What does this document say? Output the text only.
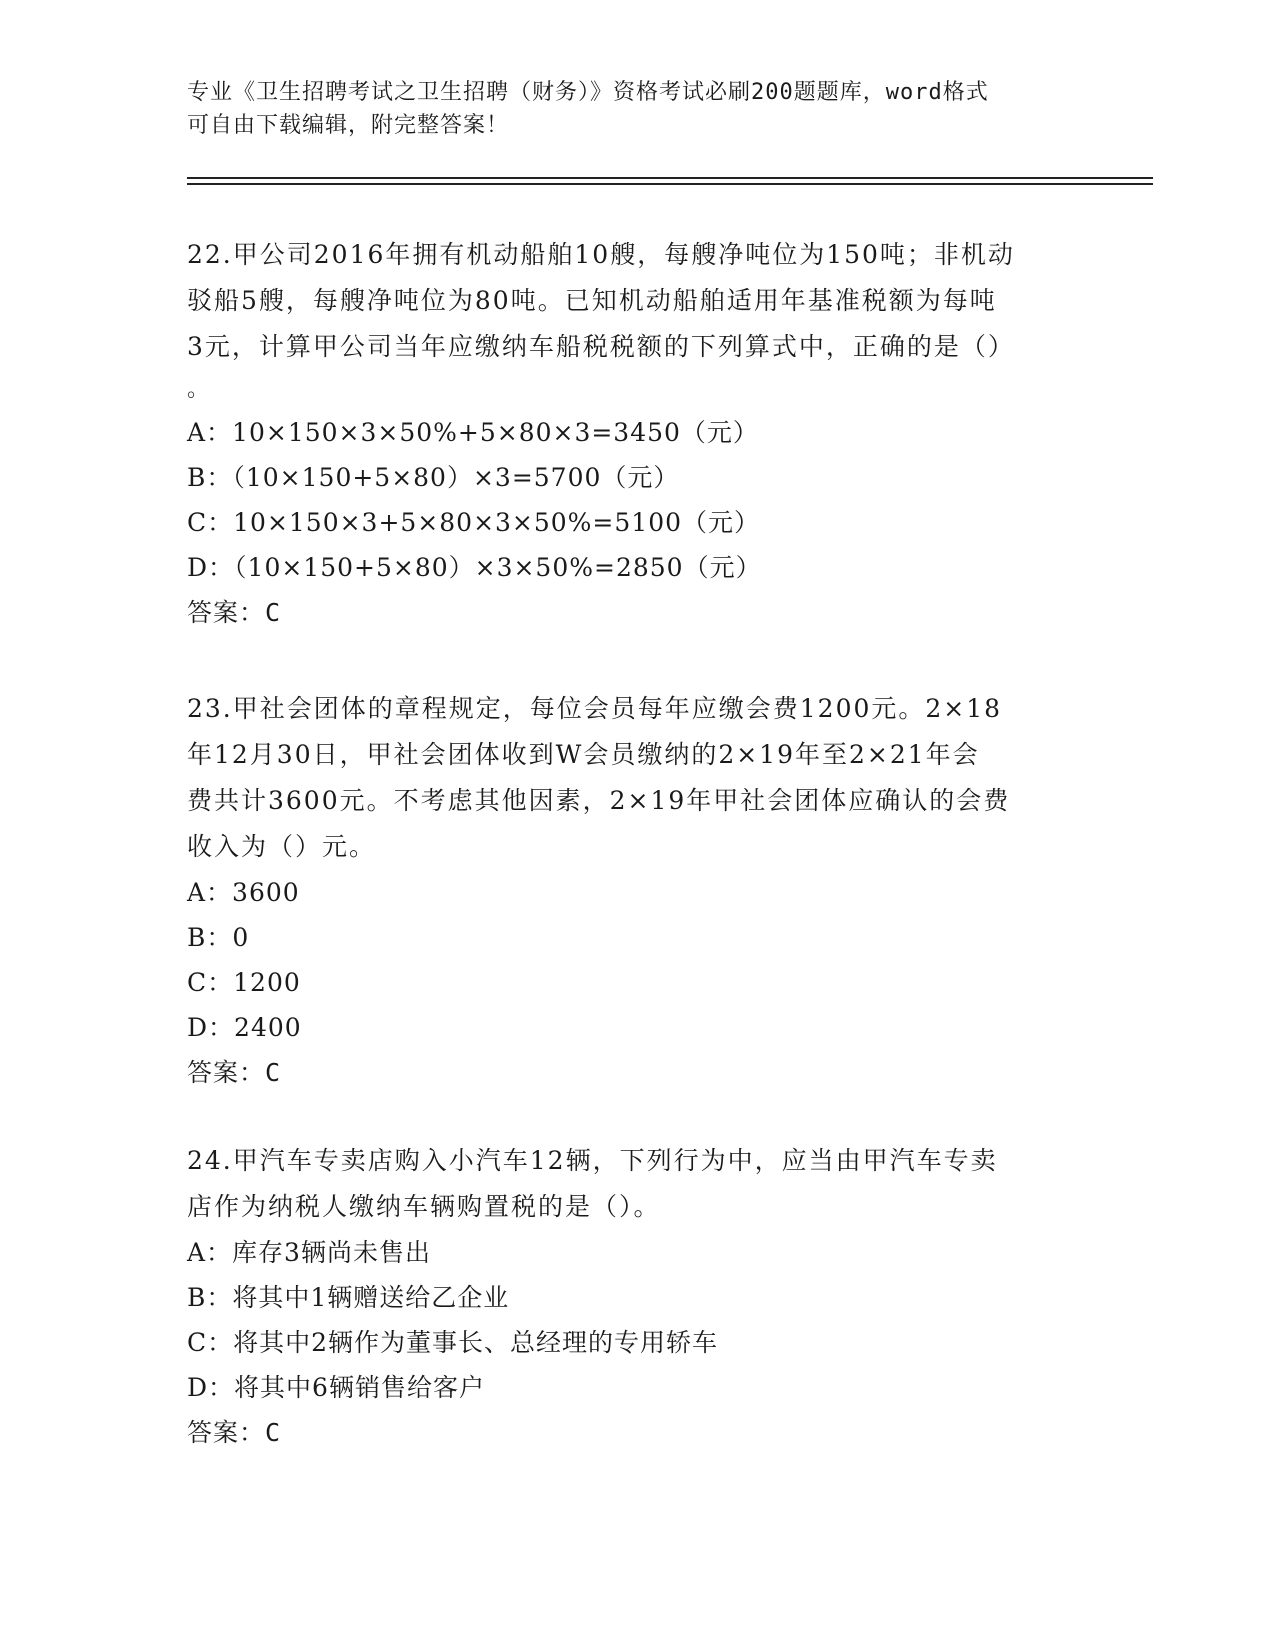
专业《卫生招聘考试之卫生招聘（财务）》资格考试必刷200题题库，word格式
可自由下载编辑，附完整答案！
22.甲公司2016年拥有机动船舶10艘，每艘净吨位为150吨；非机动
驳船5艘，每艘净吨位为80吨。已知机动船舶适用年基准税额为每吨
3元，计算甲公司当年应缴纳车船税税额的下列算式中，正确的是（）
。
A：10×150×3×50%+5×80×3=3450（元）
B：（10×150+5×80）×3=5700（元）
C：10×150×3+5×80×3×50%=5100（元）
D：（10×150+5×80）×3×50%=2850（元）
答案：C
23.甲社会团体的章程规定，每位会员每年应缴会费1200元。2×18
年12月30日，甲社会团体收到W会员缴纳的2×19年至2×21年会
费共计3600元。不考虑其他因素，2×19年甲社会团体应确认的会费
收入为（）元。
A：3600
B：0
C：1200
D：2400
答案：C
24.甲汽车专卖店购入小汽车12辆，下列行为中，应当由甲汽车专卖
店作为纳税人缴纳车辆购置税的是（）。
A：库存3辆尚未售出
B：将其中1辆赠送给乙企业
C：将其中2辆作为董事长、总经理的专用轿车
D：将其中6辆销售给客户
答案：C
